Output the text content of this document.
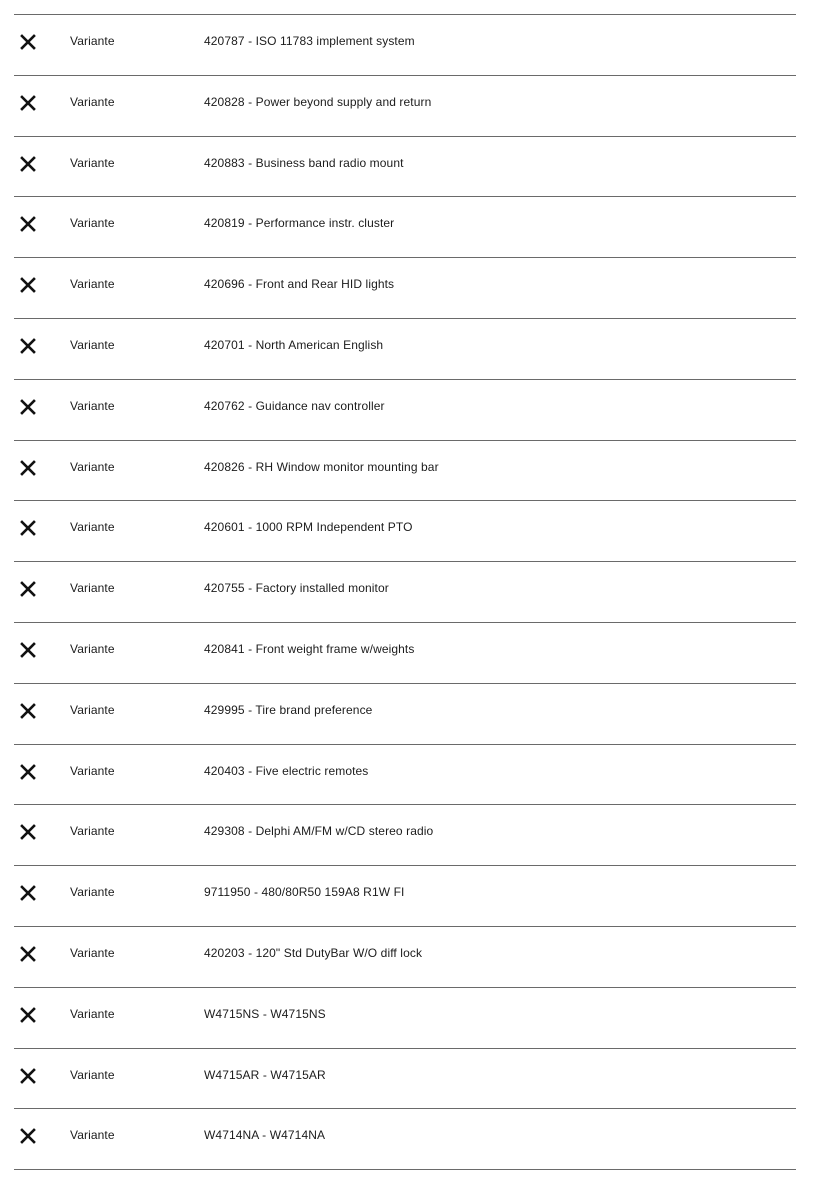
Variante	420787 - ISO 11783 implement system
Variante	420828 - Power beyond supply and return
Variante	420883 - Business band radio mount
Variante	420819 - Performance instr. cluster
Variante	420696 - Front and Rear HID lights
Variante	420701 - North American English
Variante	420762 - Guidance nav controller
Variante	420826 - RH Window monitor mounting bar
Variante	420601 - 1000 RPM Independent PTO
Variante	420755 - Factory installed monitor
Variante	420841 - Front weight frame w/weights
Variante	429995 - Tire brand preference
Variante	420403 - Five electric remotes
Variante	429308 - Delphi AM/FM w/CD stereo radio
Variante	9711950 - 480/80R50 159A8 R1W FI
Variante	420203 - 120" Std DutyBar W/O diff lock
Variante	W4715NS - W4715NS
Variante	W4715AR - W4715AR
Variante	W4714NA - W4714NA
